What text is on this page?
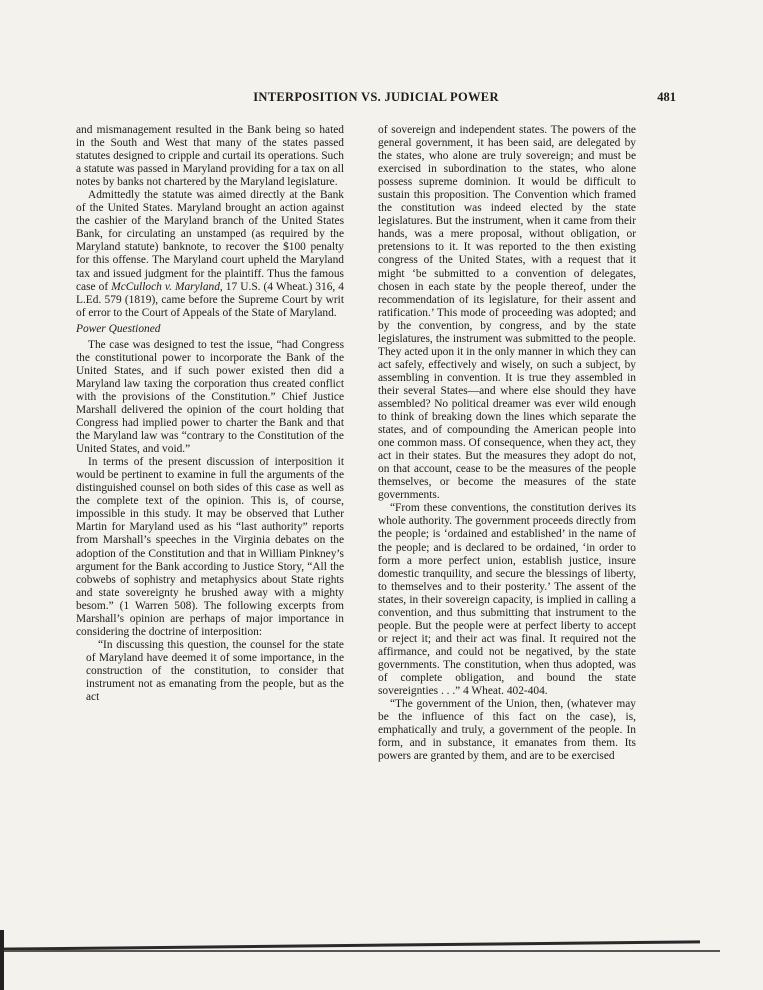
INTERPOSITION VS. JUDICIAL POWER	481

and mismanagement resulted in the Bank being so hated in the South and West that many of the states passed statutes designed to cripple and curtail its operations. Such a statute was passed in Maryland providing for a tax on all notes by banks not chartered by the Maryland legislature.

Admittedly the statute was aimed directly at the Bank of the United States. Maryland brought an action against the cashier of the Maryland branch of the United States Bank, for circulating an unstamped (as required by the Maryland statute) banknote, to recover the $100 penalty for this offense. The Maryland court upheld the Maryland tax and issued judgment for the plaintiff. Thus the famous case of McCulloch v. Maryland, 17 U.S. (4 Wheat.) 316, 4 L.Ed. 579 (1819), came before the Supreme Court by writ of error to the Court of Appeals of the State of Maryland.

Power Questioned

The case was designed to test the issue, “had Congress the constitutional power to incorporate the Bank of the United States, and if such power existed then did a Maryland law taxing the corporation thus created conflict with the provisions of the Constitution.” Chief Justice Marshall delivered the opinion of the court holding that Congress had implied power to charter the Bank and that the Maryland law was “contrary to the Constitution of the United States, and void.”

In terms of the present discussion of interposition it would be pertinent to examine in full the arguments of the distinguished counsel on both sides of this case as well as the complete text of the opinion. This is, of course, impossible in this study. It may be observed that Luther Martin for Maryland used as his “last authority” reports from Marshall’s speeches in the Virginia debates on the adoption of the Constitution and that in William Pinkney’s argument for the Bank according to Justice Story, “All the cobwebs of sophistry and metaphysics about State rights and state sovereignty he brushed away with a mighty besom.” (1 Warren 508). The following excerpts from Marshall’s opinion are perhaps of major importance in considering the doctrine of interposition:

“In discussing this question, the counsel for the state of Maryland have deemed it of some importance, in the construction of the constitution, to consider that instrument not as emanating from the people, but as the act

of sovereign and independent states. The powers of the general government, it has been said, are delegated by the states, who alone are truly sovereign; and must be exercised in subordination to the states, who alone possess supreme dominion. It would be difficult to sustain this proposition. The Convention which framed the constitution was indeed elected by the state legislatures. But the instrument, when it came from their hands, was a mere proposal, without obligation, or pretensions to it. It was reported to the then existing congress of the United States, with a request that it might ‘be submitted to a convention of delegates, chosen in each state by the people thereof, under the recommendation of its legislature, for their assent and ratification.’ This mode of proceeding was adopted; and by the convention, by congress, and by the state legislatures, the instrument was submitted to the people. They acted upon it in the only manner in which they can act safely, effectively and wisely, on such a subject, by assembling in convention. It is true they assembled in their several States—and where else should they have assembled? No political dreamer was ever wild enough to think of breaking down the lines which separate the states, and of compounding the American people into one common mass. Of consequence, when they act, they act in their states. But the measures they adopt do not, on that account, cease to be the measures of the people themselves, or become the measures of the state governments.

“From these conventions, the constitution derives its whole authority. The government proceeds directly from the people; is ‘ordained and established’ in the name of the people; and is declared to be ordained, ‘in order to form a more perfect union, establish justice, insure domestic tranquility, and secure the blessings of liberty, to themselves and to their posterity.’ The assent of the states, in their sovereign capacity, is implied in calling a convention, and thus submitting that instrument to the people. But the people were at perfect liberty to accept or reject it; and their act was final. It required not the affirmance, and could not be negatived, by the state governments. The constitution, when thus adopted, was of complete obligation, and bound the state sovereignties . . .” 4 Wheat. 402-404.

“The government of the Union, then, (whatever may be the influence of this fact on the case), is, emphatically and truly, a government of the people. In form, and in substance, it emanates from them. Its powers are granted by them, and are to be exercised
